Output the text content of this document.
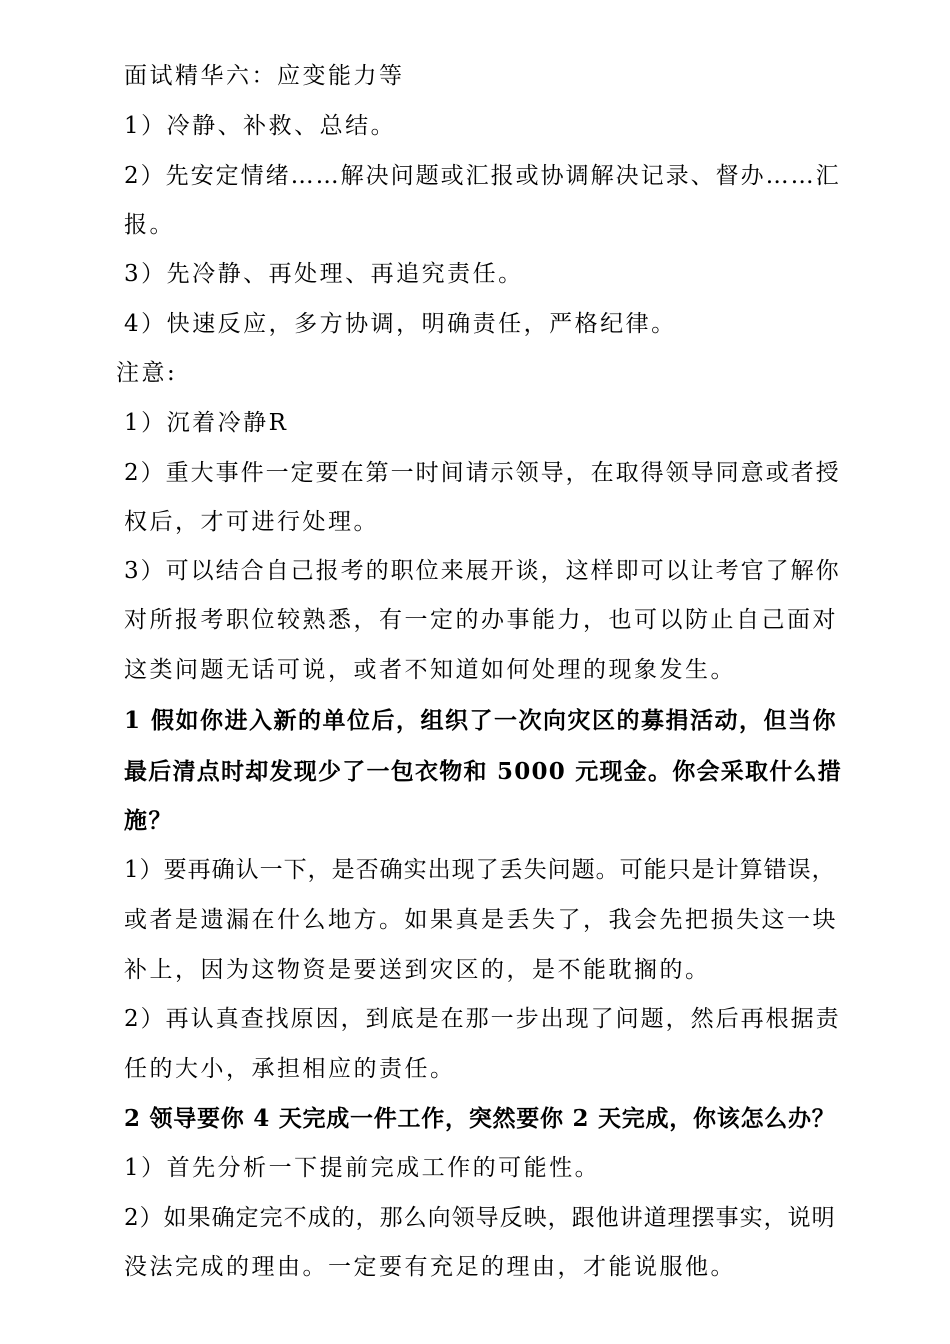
面试精华六：应变能力等
1）冷静、补救、总结。
2）先安定情绪……解决问题或汇报或协调解决记录、督办……汇
报。
3）先冷静、再处理、再追究责任。
4）快速反应，多方协调，明确责任，严格纪律。
注意:
1）沉着冷静R
2）重大事件一定要在第一时间请示领导，在取得领导同意或者授
权后，才可进行处理。
3）可以结合自己报考的职位来展开谈，这样即可以让考官了解你
对所报考职位较熟悉，有一定的办事能力，也可以防止自己面对
这类问题无话可说，或者不知道如何处理的现象发生。
1 假如你进入新的单位后，组织了一次向灾区的募捐活动，但当你
最后清点时却发现少了一包衣物和 5000 元现金。你会采取什么措
施？
1）要再确认一下，是否确实出现了丢失问题。可能只是计算错误，
或者是遗漏在什么地方。如果真是丢失了，我会先把损失这一块
补上，因为这物资是要送到灾区的，是不能耽搁的。
2）再认真查找原因，到底是在那一步出现了问题，然后再根据责
任的大小，承担相应的责任。
2 领导要你 4 天完成一件工作，突然要你 2 天完成，你该怎么办？
1）首先分析一下提前完成工作的可能性。
2）如果确定完不成的，那么向领导反映，跟他讲道理摆事实，说明
没法完成的理由。一定要有充足的理由，才能说服他。
